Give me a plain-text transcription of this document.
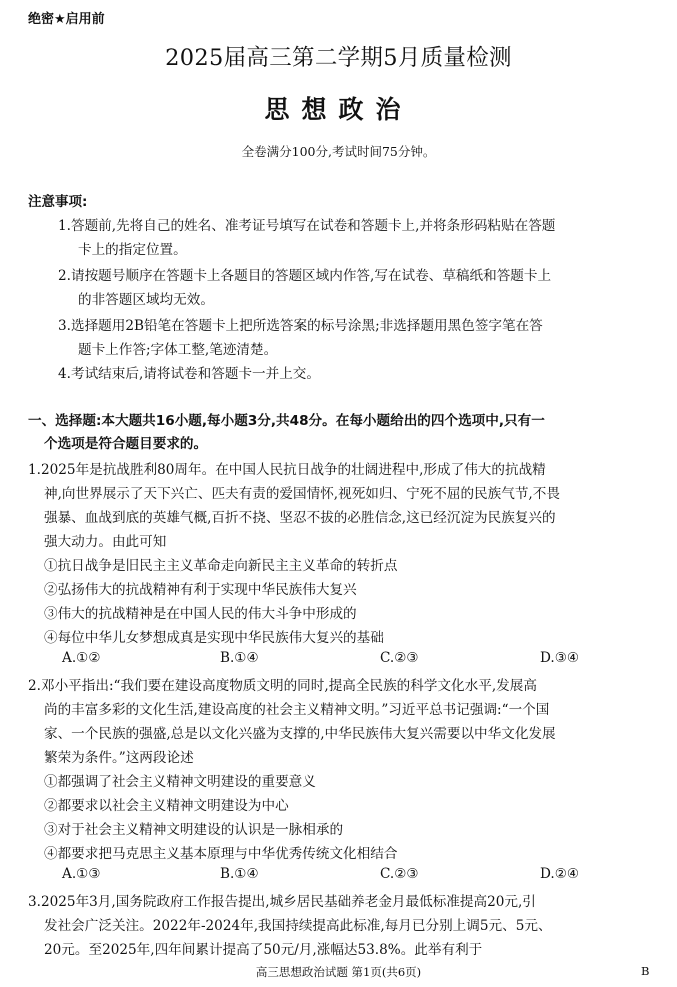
绝密★启用前
2025届高三第二学期5月质量检测
思想政治
全卷满分100分,考试时间75分钟。
注意事项:
1.答题前,先将自己的姓名、准考证号填写在试卷和答题卡上,并将条形码粘贴在答题
卡上的指定位置。
2.请按题号顺序在答题卡上各题目的答题区域内作答,写在试卷、草稿纸和答题卡上
的非答题区域均无效。
3.选择题用2B铅笔在答题卡上把所选答案的标号涂黑;非选择题用黑色签字笔在答
题卡上作答;字体工整,笔迹清楚。
4.考试结束后,请将试卷和答题卡一并上交。
一、选择题:本大题共16小题,每小题3分,共48分。在每小题给出的四个选项中,只有一
个选项是符合题目要求的。
1.2025年是抗战胜利80周年。在中国人民抗日战争的壮阔进程中,形成了伟大的抗战精
神,向世界展示了天下兴亡、匹夫有责的爱国情怀,视死如归、宁死不屈的民族气节,不畏
强暴、血战到底的英雄气概,百折不挠、坚忍不拔的必胜信念,这已经沉淀为民族复兴的
强大动力。由此可知
①抗日战争是旧民主主义革命走向新民主主义革命的转折点
②弘扬伟大的抗战精神有利于实现中华民族伟大复兴
③伟大的抗战精神是在中国人民的伟大斗争中形成的
④每位中华儿女梦想成真是实现中华民族伟大复兴的基础
A.①②	B.①④	C.②③	D.③④
2.邓小平指出:“我们要在建设高度物质文明的同时,提高全民族的科学文化水平,发展高
尚的丰富多彩的文化生活,建设高度的社会主义精神文明。”习近平总书记强调:“一个国
家、一个民族的强盛,总是以文化兴盛为支撑的,中华民族伟大复兴需要以中华文化发展
繁荣为条件。”这两段论述
①都强调了社会主义精神文明建设的重要意义
②都要求以社会主义精神文明建设为中心
③对于社会主义精神文明建设的认识是一脉相承的
④都要求把马克思主义基本原理与中华优秀传统文化相结合
A.①③	B.①④	C.②③	D.②④
3.2025年3月,国务院政府工作报告提出,城乡居民基础养老金月最低标准提高20元,引
发社会广泛关注。2022年-2024年,我国持续提高此标准,每月已分别上调5元、5元、
20元。至2025年,四年间累计提高了50元/月,涨幅达53.8%。此举有利于
高三思想政治试题 第1页(共6页)	B
